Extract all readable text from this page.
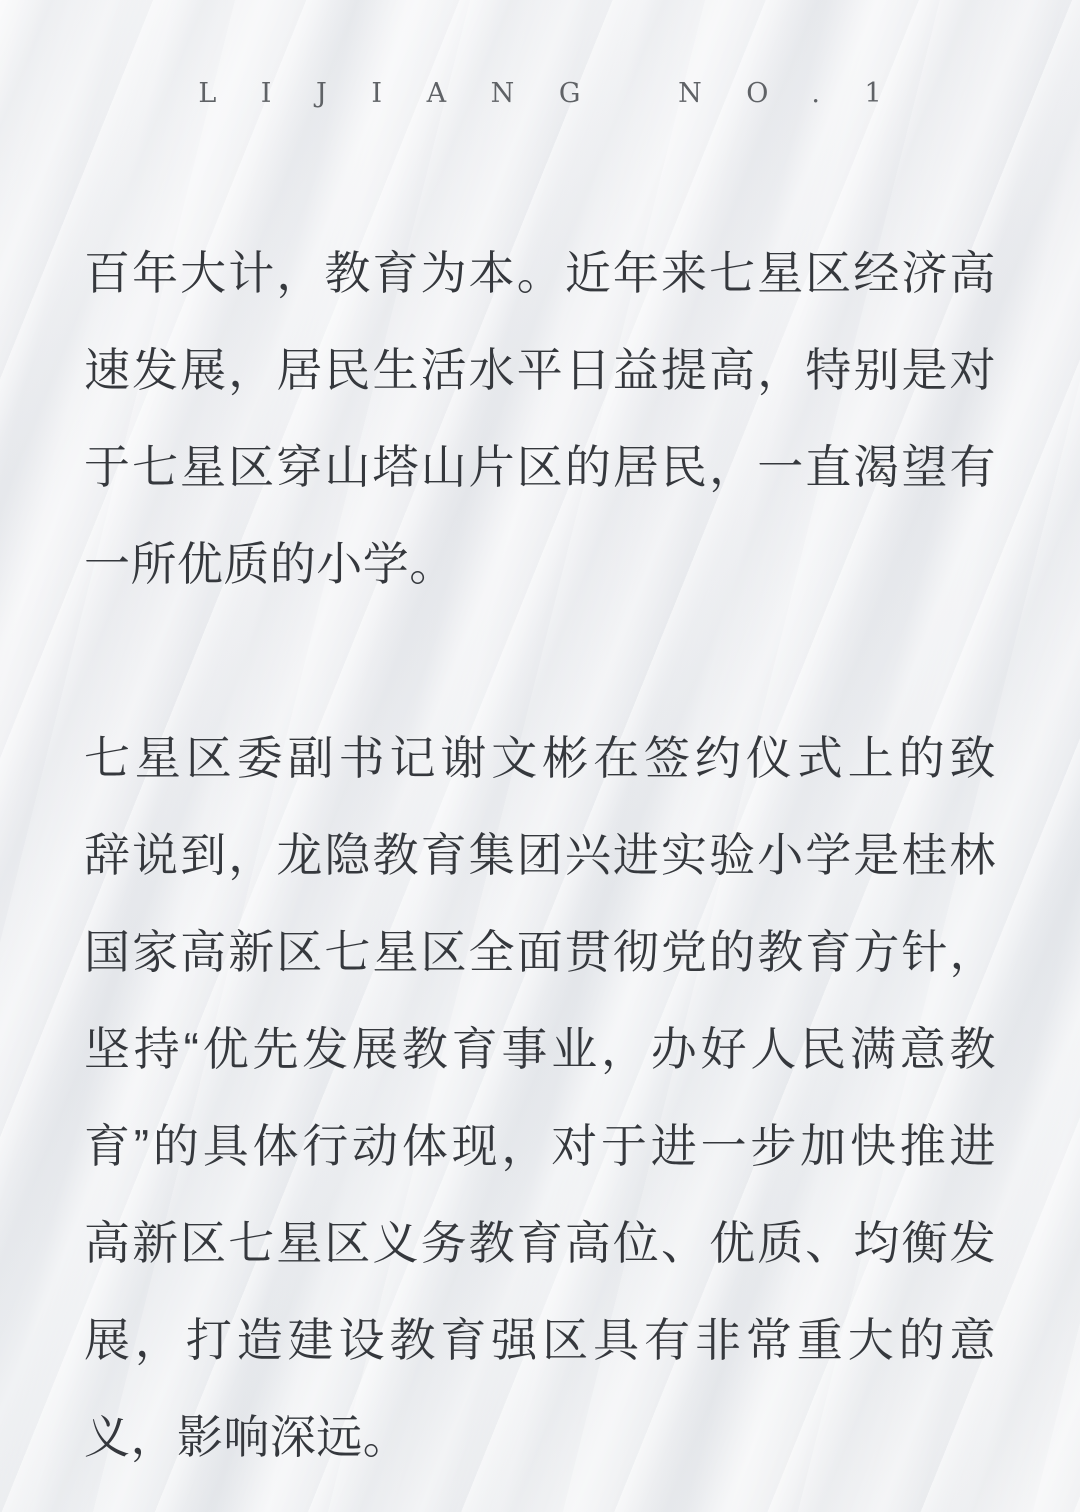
LIJIANG NO.1
百年大计，教育为本。近年来七星区经济高
速发展，居民生活水平日益提高，特别是对
于七星区穿山塔山片区的居民，一直渴望有
一所优质的小学。
七星区委副书记谢文彬在签约仪式上的致
辞说到，龙隐教育集团兴进实验小学是桂林
国家高新区七星区全面贯彻党的教育方针，
坚持“优先发展教育事业，办好人民满意教
育”的具体行动体现，对于进一步加快推进
高新区七星区义务教育高位、优质、均衡发
展，打造建设教育强区具有非常重大的意
义，影响深远。
